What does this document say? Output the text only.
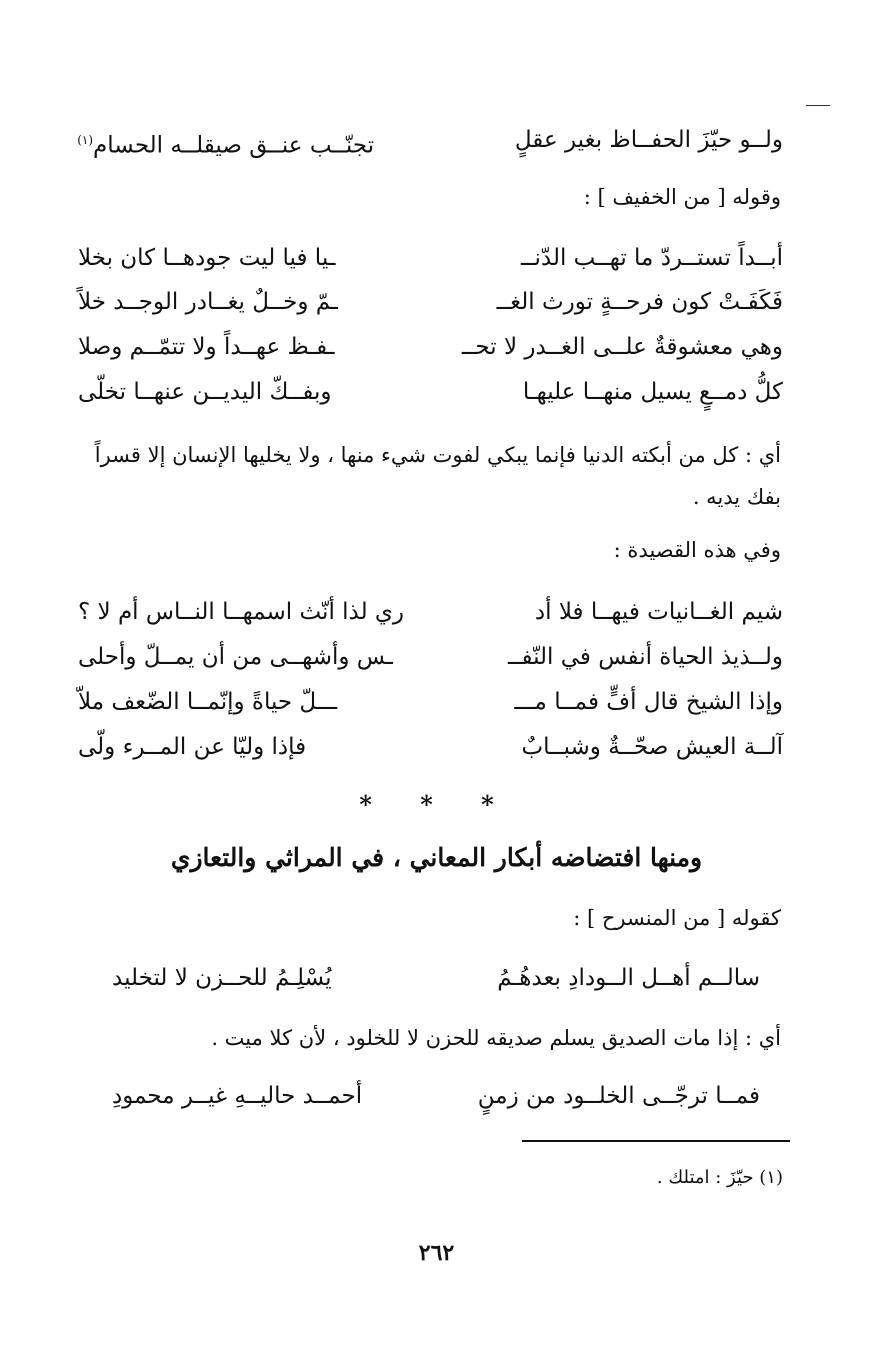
ولــو حيّزَ الحفــاظ بغير عقلٍ
تجنّــب عنــق صيقلــه الحسام$^{(١)}$
وقوله [ من الخفيف ] :
أبــداً تستــردّ ما تهــب الدّنــ
ـيا فيا ليت جودهــا كان بخلا
فَكَفَـتْ كون فرحــةٍ تورث الغــ
ـمّ وخــلٌ يغــادر الوجــد خلاً
وهي معشوقةٌ علــى الغــدر لا تحــ
ـفـظ عهــداً ولا تتمّــم وصلا
كلُّ دمــعٍ يسيل منهــا عليهـا
وبفــكّ اليديــن عنهــا تخلّى
أي : كل من أبكته الدنيا فإنما يبكي لفوت شيء منها ، ولا يخليها الإنسان إلا قسراً بفك يديه .
وفي هذه القصيدة :
شيم الغــانيات فيهــا فلا أد
ري لذا أنّث اسمهــا النــاس أم لا ؟
ولــذيذ الحياة أنفس في النّفــ
ـس وأشهــى من أن يمــلّ وأحلى
وإذا الشيخ قال أفٍّ فمــا مـــ
ـــلّ حياةً وإنّمــا الضّعف ملاّ
آلــة العيش صحّــةٌ وشبــابٌ
فإذا وليّا عن المــرء ولّى
* * *
ومنها افتضاضه أبكار المعاني ، في المراثي والتعازي
كقوله [ من المنسرح ] :
سالــم أهــل الــودادِ بعدهُـمُ
يُسْلِـمُ للحــزن لا لتخليد
أي : إذا مات الصديق يسلم صديقه للحزن لا للخلود ، لأن كلا ميت .
فمــا ترجّــى الخلــود من زمنٍ
أحمــد حاليــهِ غيــر محمودِ
(١) حيّزَ : امتلك .
٢٦٢
